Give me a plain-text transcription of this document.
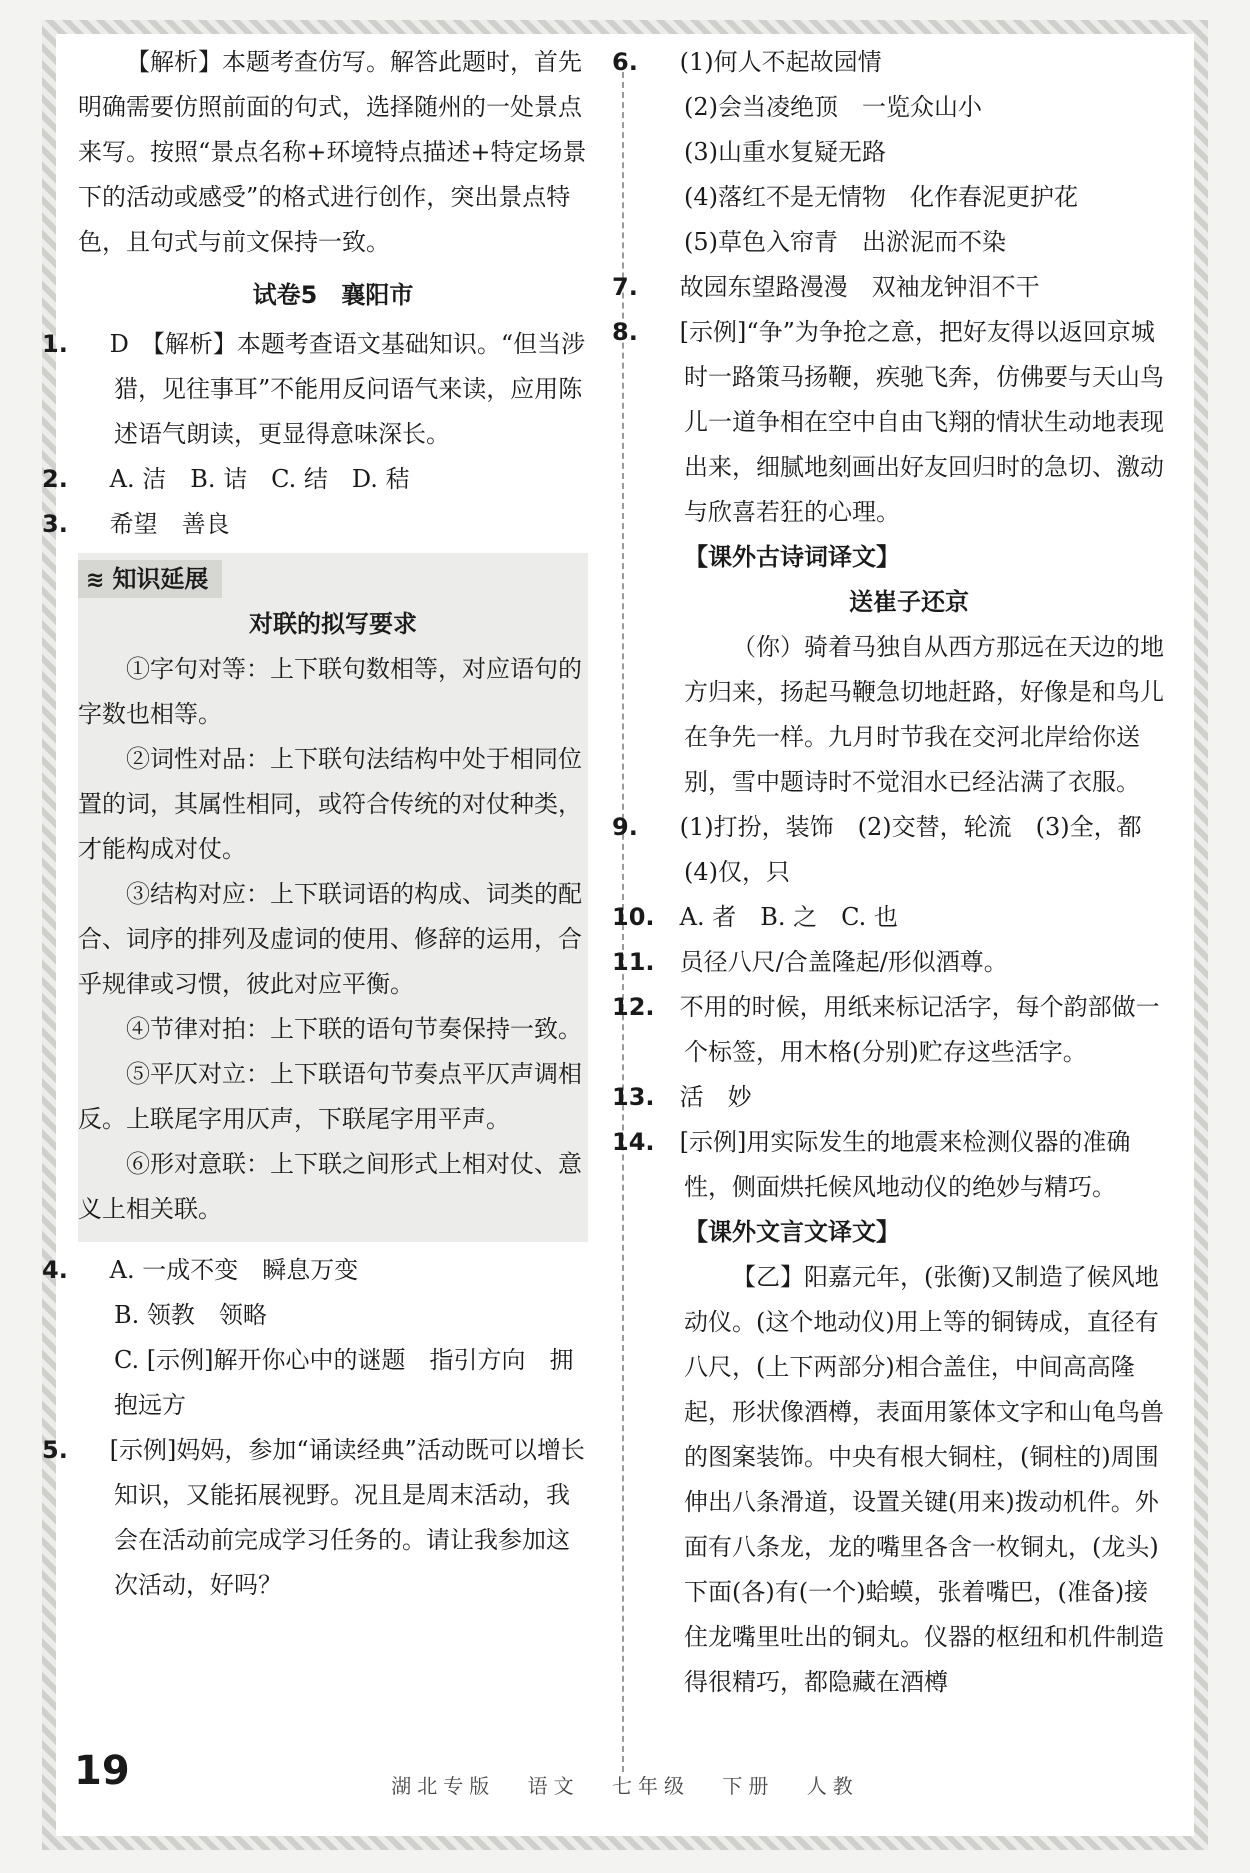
【解析】本题考查仿写。解答此题时，首先明确需要仿照前面的句式，选择随州的一处景点来写。按照“景点名称+环境特点描述+特定场景下的活动或感受”的格式进行创作，突出景点特色，且句式与前文保持一致。

试卷5　襄阳市

1. D　【解析】本题考查语文基础知识。“但当涉猎，见往事耳”不能用反问语气来读，应用陈述语气朗读，更显得意味深长。

2. A. 洁　B. 诘　C. 结　D. 秸

3. 希望　善良

≋ 知识延展

对联的拟写要求

①字句对等：上下联句数相等，对应语句的字数也相等。

②词性对品：上下联句法结构中处于相同位置的词，其属性相同，或符合传统的对仗种类，才能构成对仗。

③结构对应：上下联词语的构成、词类的配合、词序的排列及虚词的使用、修辞的运用，合乎规律或习惯，彼此对应平衡。

④节律对拍：上下联的语句节奏保持一致。

⑤平仄对立：上下联语句节奏点平仄声调相反。上联尾字用仄声，下联尾字用平声。

⑥形对意联：上下联之间形式上相对仗、意义上相关联。

4. A. 一成不变　瞬息万变

B. 领教　领略

C. [示例]解开你心中的谜题　指引方向　拥抱远方

5. [示例]妈妈，参加“诵读经典”活动既可以增长知识，又能拓展视野。况且是周末活动，我会在活动前完成学习任务的。请让我参加这次活动，好吗？

6. (1)何人不起故园情

(2)会当凌绝顶　一览众山小

(3)山重水复疑无路

(4)落红不是无情物　化作春泥更护花

(5)草色入帘青　出淤泥而不染

7. 故园东望路漫漫　双袖龙钟泪不干

8. [示例]“争”为争抢之意，把好友得以返回京城时一路策马扬鞭，疾驰飞奔，仿佛要与天山鸟儿一道争相在空中自由飞翔的情状生动地表现出来，细腻地刻画出好友回归时的急切、激动与欣喜若狂的心理。

【课外古诗词译文】

送崔子还京

（你）骑着马独自从西方那远在天边的地方归来，扬起马鞭急切地赶路，好像是和鸟儿在争先一样。九月时节我在交河北岸给你送别，雪中题诗时不觉泪水已经沾满了衣服。

9. (1)打扮，装饰　(2)交替，轮流　(3)全，都　(4)仅，只

10. A. 者　B. 之　C. 也

11. 员径八尺/合盖隆起/形似酒尊。

12. 不用的时候，用纸来标记活字，每个韵部做一个标签，用木格(分别)贮存这些活字。

13. 活　妙

14. [示例]用实际发生的地震来检测仪器的准确性，侧面烘托候风地动仪的绝妙与精巧。

【课外文言文译文】

【乙】阳嘉元年，(张衡)又制造了候风地动仪。(这个地动仪)用上等的铜铸成，直径有八尺，(上下两部分)相合盖住，中间高高隆起，形状像酒樽，表面用篆体文字和山龟鸟兽的图案装饰。中央有根大铜柱，(铜柱的)周围伸出八条滑道，设置关键(用来)拨动机件。外面有八条龙，龙的嘴里各含一枚铜丸，(龙头)下面(各)有(一个)蛤蟆，张着嘴巴，(准备)接住龙嘴里吐出的铜丸。仪器的枢纽和机件制造得很精巧，都隐藏在酒樽

19	湖北专版 语文 七年级 下册 人教
